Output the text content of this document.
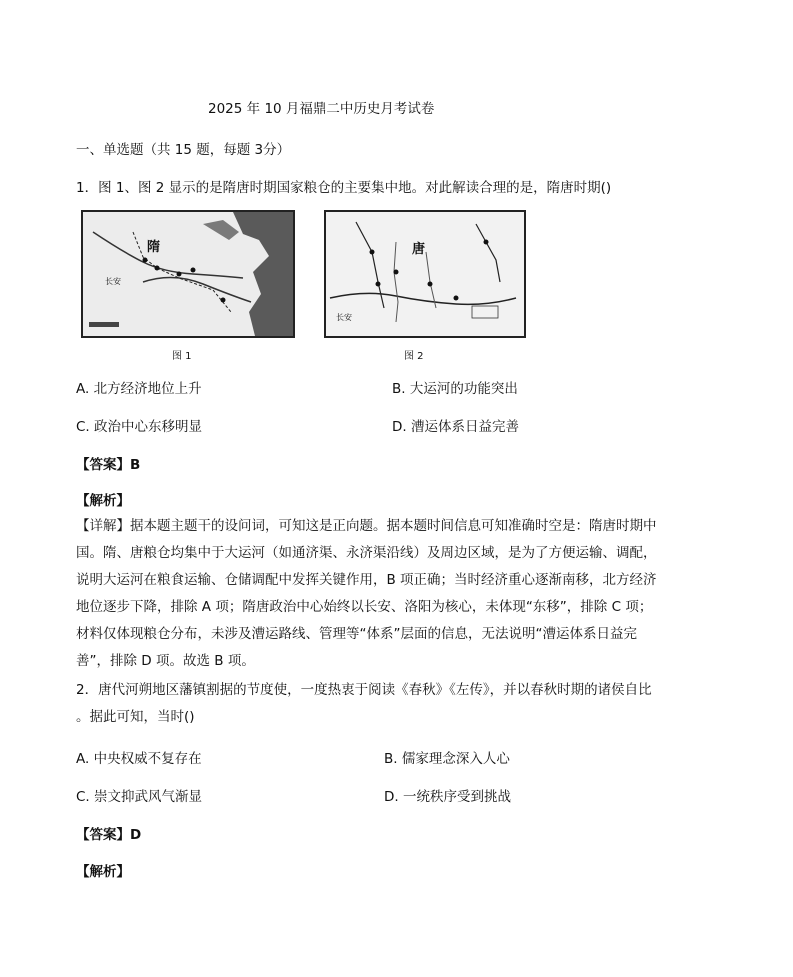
2025 年 10 月福鼎二中历史月考试卷
一、单选题（共 15 题，每题 3分）
1．图 1、图 2 显示的是隋唐时期国家粮仓的主要集中地。对此解读合理的是，隋唐时期()
隋
长安
图 1
唐
长安
图 2
A. 北方经济地位上升	B. 大运河的功能突出
C. 政治中心东移明显	D. 漕运体系日益完善
【答案】B
【解析】
【详解】据本题主题干的设问词，可知这是正向题。据本题时间信息可知准确时空是：隋唐时期中
国。隋、唐粮仓均集中于大运河（如通济渠、永济渠沿线）及周边区域，是为了方便运输、调配，
说明大运河在粮食运输、仓储调配中发挥关键作用，B 项正确；当时经济重心逐渐南移，北方经济
地位逐步下降，排除 A 项；隋唐政治中心始终以长安、洛阳为核心，未体现“东移”，排除 C 项；
材料仅体现粮仓分布，未涉及漕运路线、管理等“体系”层面的信息，无法说明“漕运体系日益完
善”，排除 D 项。故选 B 项。
2．唐代河朔地区藩镇割据的节度使，一度热衷于阅读《春秋》《左传》，并以春秋时期的诸侯自比
。据此可知，当时()
A. 中央权威不复存在	B. 儒家理念深入人心
C. 崇文抑武风气渐显	D. 一统秩序受到挑战
【答案】D
【解析】
